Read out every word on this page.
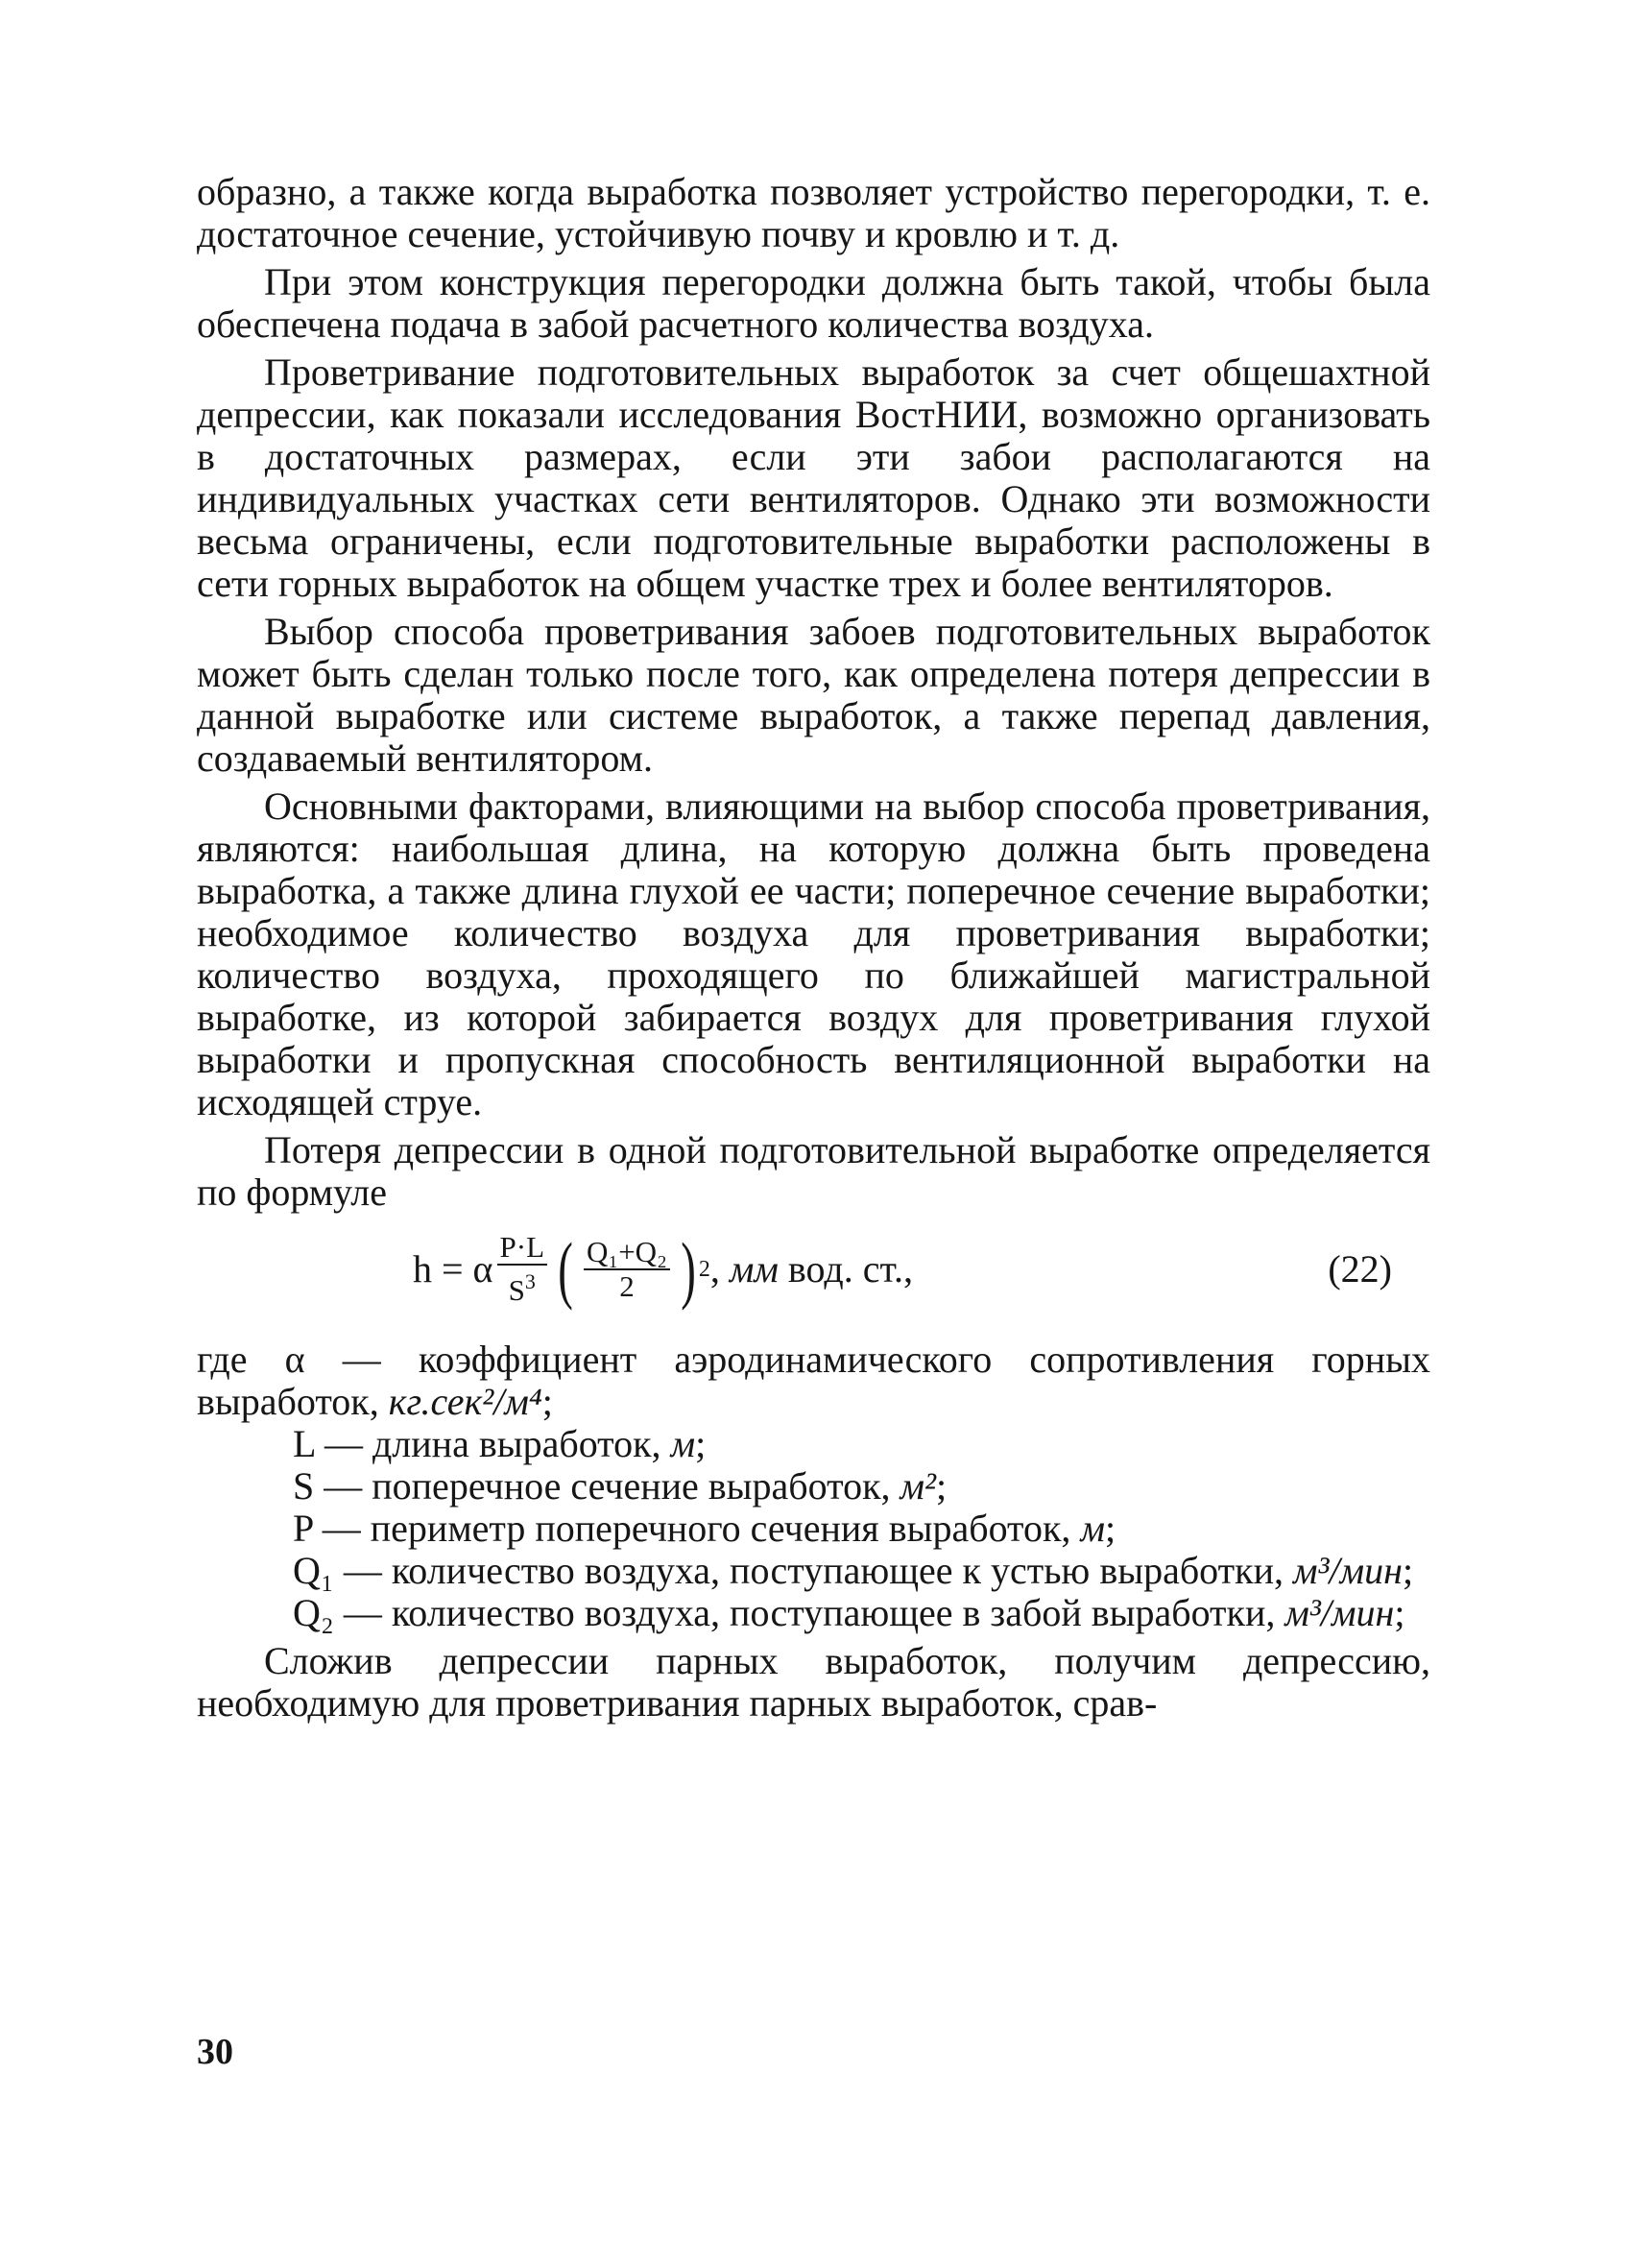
образно, а также когда выработка позволяет устройство перегородки, т. е. достаточное сечение, устойчивую почву и кровлю и т. д.

При этом конструкция перегородки должна быть такой, чтобы была обеспечена подача в забой расчетного количества воздуха.

Проветривание подготовительных выработок за счет общешахтной депрессии, как показали исследования ВостНИИ, возможно организовать в достаточных размерах, если эти забои располагаются на индивидуальных участках сети вентиляторов. Однако эти возможности весьма ограничены, если подготовительные выработки расположены в сети горных выработок на общем участке трех и более вентиляторов.

Выбор способа проветривания забоев подготовительных выработок может быть сделан только после того, как определена потеря депрессии в данной выработке или системе выработок, а также перепад давления, создаваемый вентилятором.

Основными факторами, влияющими на выбор способа проветривания, являются: наибольшая длина, на которую должна быть проведена выработка, а также длина глухой ее части; поперечное сечение выработки; необходимое количество воздуха для проветривания выработки; количество воздуха, проходящего по ближайшей магистральной выработке, из которой забирается воздух для проветривания глухой выработки и пропускная способность вентиляционной выработки на исходящей струе.

Потеря депрессии в одной подготовительной выработке определяется по формуле

h = α $\frac{P\cdot L}{S^3}$ ( $\frac{\text{Q₁+Q₂}}{2}$ ) 2 , мм
вод. ст.,	(22)

где α — коэффициент аэродинамического сопротивления горных выработок, кг.сек²/м⁴;

L — длина выработок, м;

S — поперечное сечение выработок, м²;

P — периметр поперечного сечения выработок, м;

Q₁ — количество воздуха, поступающее к устью выработки, м³/мин;

Q₂ — количество воздуха, поступающее в забой выработки, м³/мин;

Сложив депрессии парных выработок, получим депрессию, необходимую для проветривания парных выработок, срав-

30
